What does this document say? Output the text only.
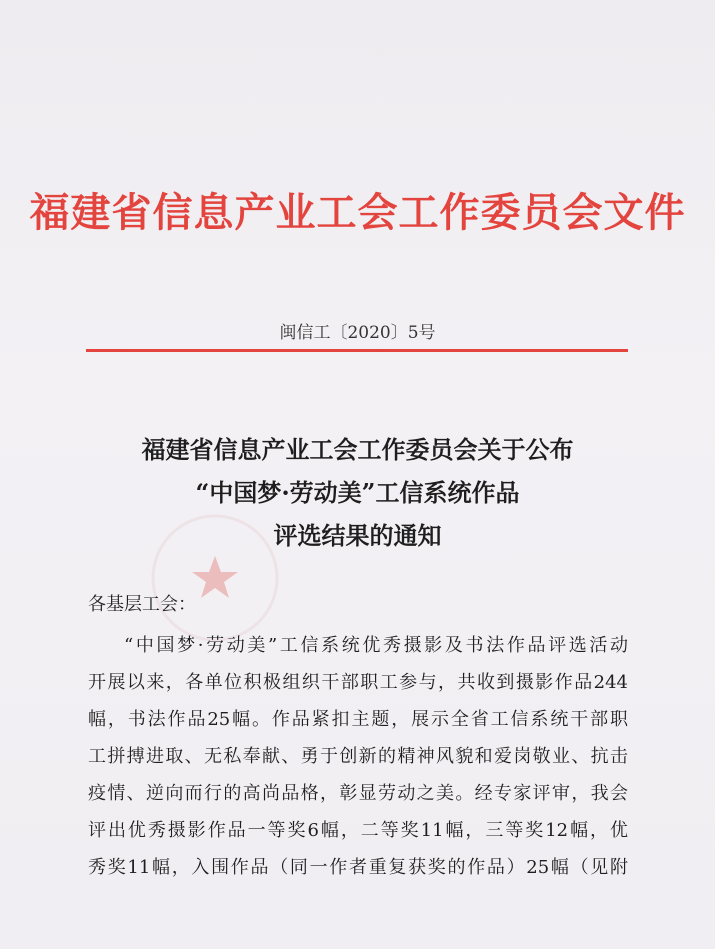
福建省信息产业工会工作委员会文件
闽信工〔2020〕5号
福建省信息产业工会工作委员会关于公布
“中国梦·劳动美”工信系统作品
评选结果的通知
各基层工会：
“中国梦·劳动美”工信系统优秀摄影及书法作品评选活动
开展以来，各单位积极组织干部职工参与，共收到摄影作品244
幅，书法作品25幅。作品紧扣主题，展示全省工信系统干部职
工拼搏进取、无私奉献、勇于创新的精神风貌和爱岗敬业、抗击
疫情、逆向而行的高尚品格，彰显劳动之美。经专家评审，我会
评出优秀摄影作品一等奖6幅，二等奖11幅，三等奖12幅，优
秀奖11幅，入围作品（同一作者重复获奖的作品）25幅（见附
